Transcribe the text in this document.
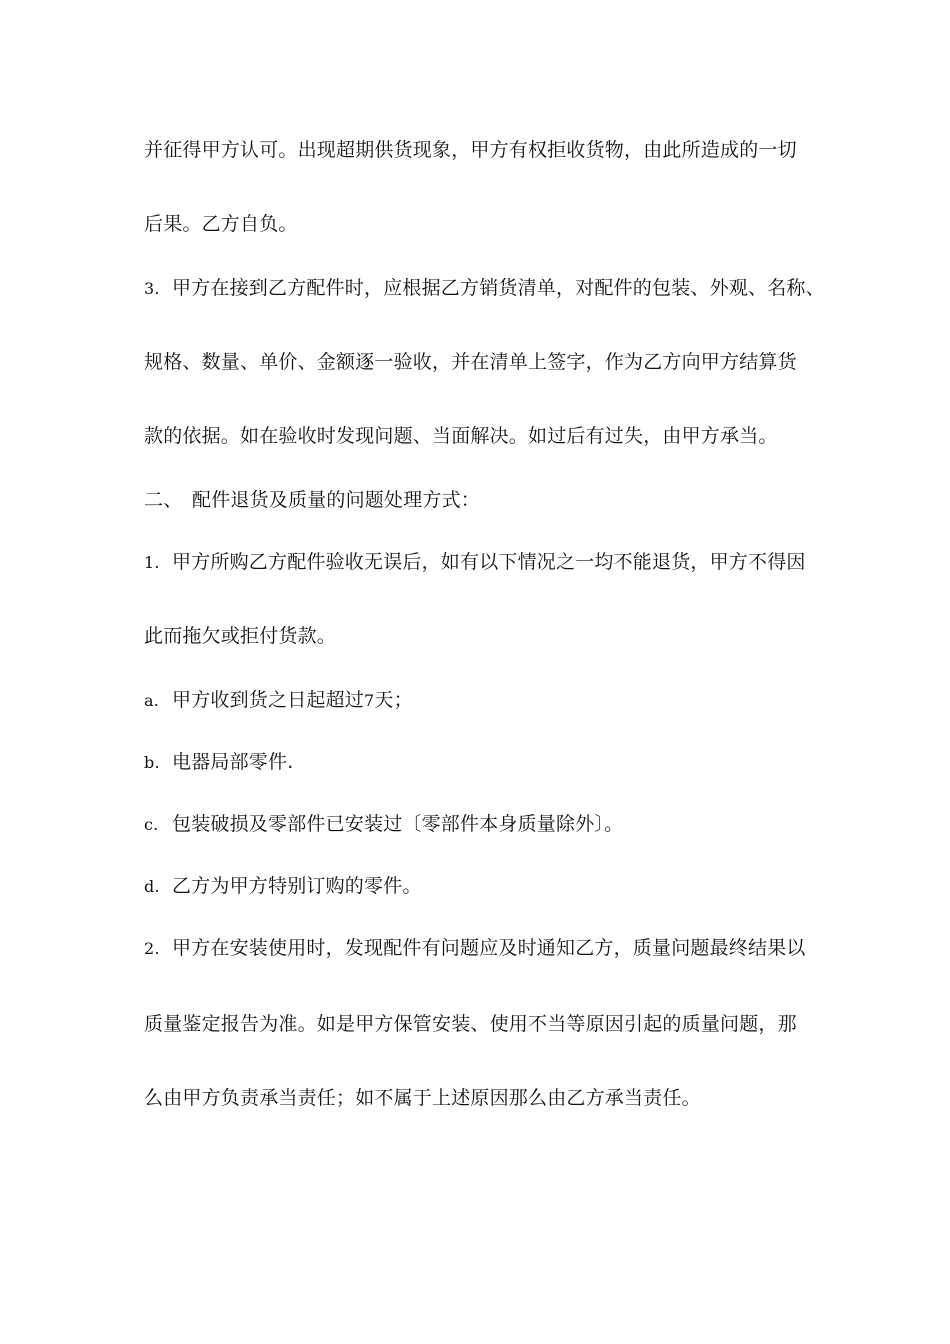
并征得甲方认可。出现超期供货现象，甲方有权拒收货物，由此所造成的一切
后果。乙方自负。
3. 甲方在接到乙方配件时，应根据乙方销货清单，对配件的包装、外观、名称、
规格、数量、单价、金额逐一验收，并在清单上签字，作为乙方向甲方结算货
款的依据。如在验收时发现问题、当面解决。如过后有过失，由甲方承当。
二、 配件退货及质量的问题处理方式：
1. 甲方所购乙方配件验收无误后，如有以下情况之一均不能退货，甲方不得因
此而拖欠或拒付货款。
a. 甲方收到货之日起超过7天；
b. 电器局部零件.
c. 包装破损及零部件已安装过〔零部件本身质量除外〕。
d. 乙方为甲方特别订购的零件。
2. 甲方在安装使用时，发现配件有问题应及时通知乙方，质量问题最终结果以
质量鉴定报告为准。如是甲方保管安装、使用不当等原因引起的质量问题，那
么由甲方负责承当责任；如不属于上述原因那么由乙方承当责任。
